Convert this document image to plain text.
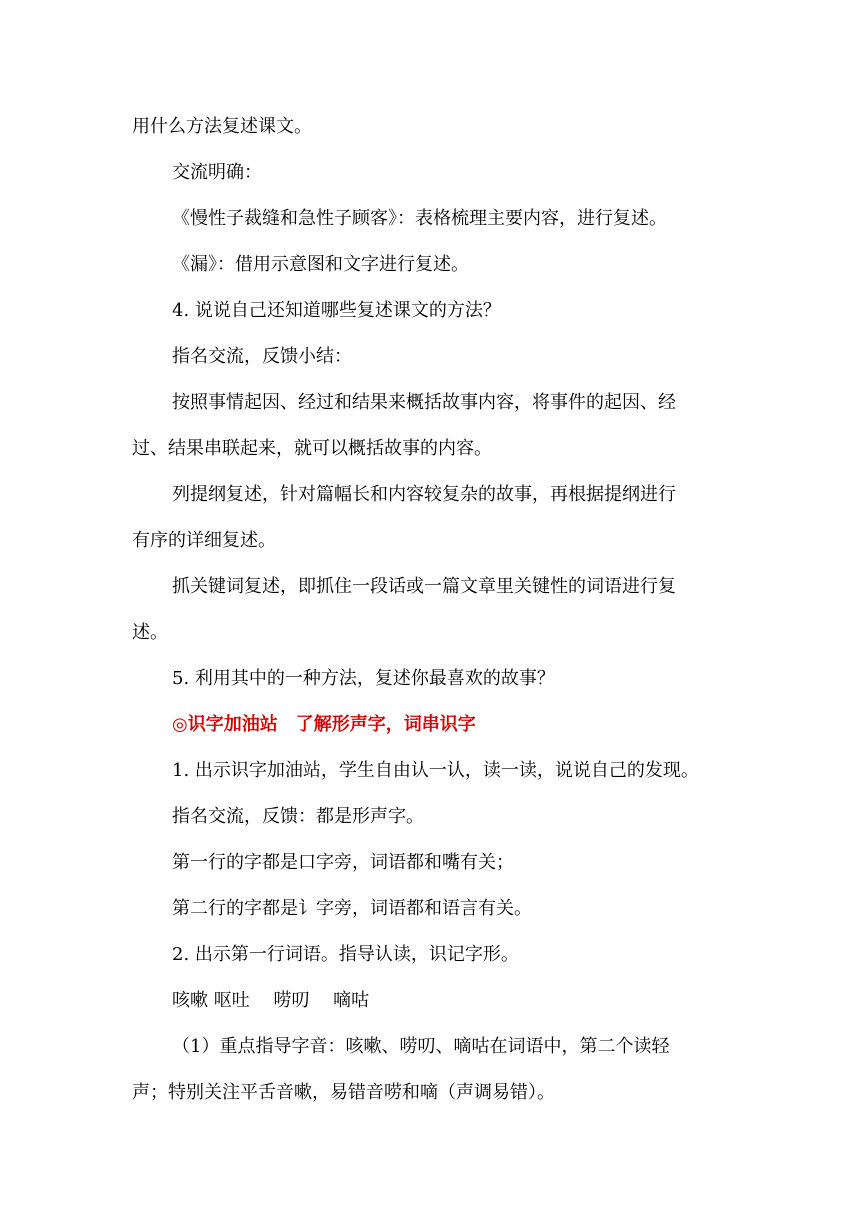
用什么方法复述课文。
交流明确：
《慢性子裁缝和急性子顾客》：表格梳理主要内容，进行复述。
《漏》：借用示意图和文字进行复述。
4. 说说自己还知道哪些复述课文的方法？
指名交流，反馈小结：
按照事情起因、经过和结果来概括故事内容，将事件的起因、经
过、结果串联起来，就可以概括故事的内容。
列提纲复述，针对篇幅长和内容较复杂的故事，再根据提纲进行
有序的详细复述。
抓关键词复述，即抓住一段话或一篇文章里关键性的词语进行复
述。
5. 利用其中的一种方法，复述你最喜欢的故事？
◎识字加油站　了解形声字，词串识字
1. 出示识字加油站，学生自由认一认，读一读，说说自己的发现。
指名交流，反馈：都是形声字。
第一行的字都是口字旁，词语都和嘴有关；
第二行的字都是讠字旁，词语都和语言有关。
2. 出示第一行词语。指导认读，识记字形。
咳嗽 呕吐　 唠叨　 嘀咕
（1）重点指导字音：咳嗽、唠叨、嘀咕在词语中，第二个读轻
声；特别关注平舌音嗽，易错音唠和嘀（声调易错）。
